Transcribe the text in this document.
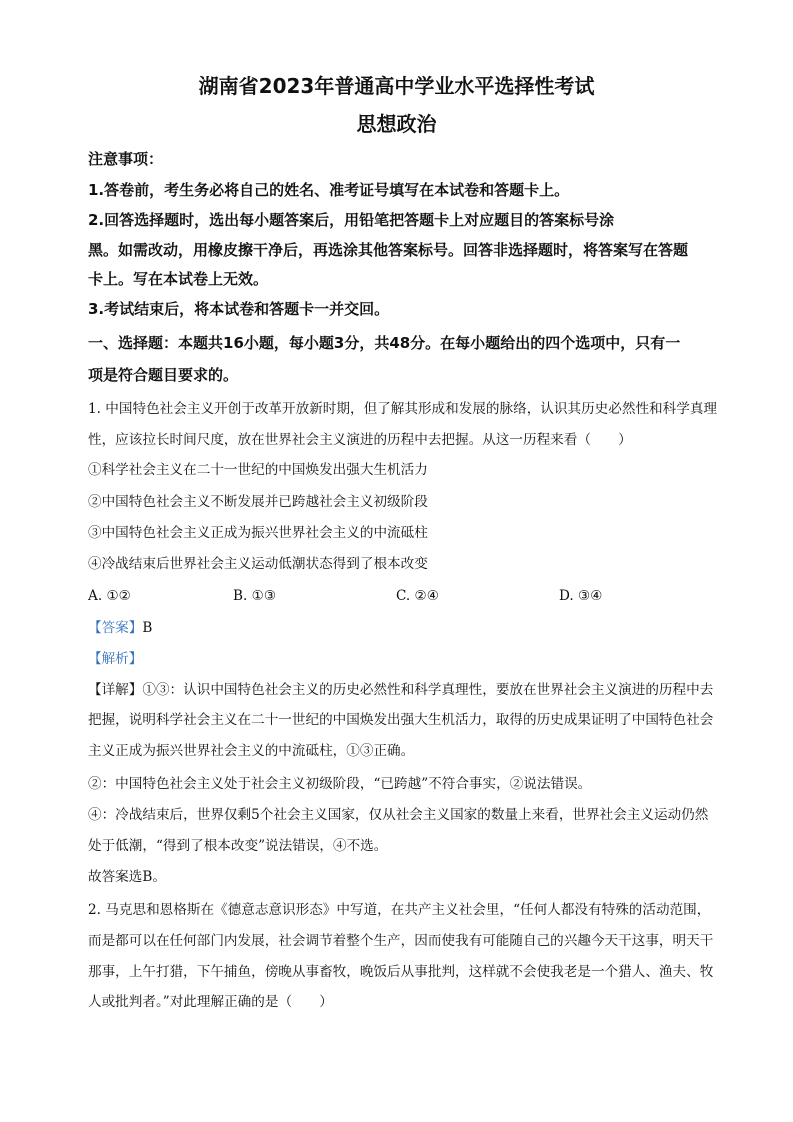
湖南省2023年普通高中学业水平选择性考试
思想政治
注意事项：
1.答卷前，考生务必将自己的姓名、准考证号填写在本试卷和答题卡上。
2.回答选择题时，选出每小题答案后，用铅笔把答题卡上对应题目的答案标号涂
黑。如需改动，用橡皮擦干净后，再选涂其他答案标号。回答非选择题时，将答案写在答题
卡上。写在本试卷上无效。
3.考试结束后，将本试卷和答题卡一并交回。
一、选择题：本题共16小题，每小题3分，共48分。在每小题给出的四个选项中，只有一
项是符合题目要求的。
1. 中国特色社会主义开创于改革开放新时期，但了解其形成和发展的脉络，认识其历史必然性和科学真理
性，应该拉长时间尺度，放在世界社会主义演进的历程中去把握。从这一历程来看（　　）
①科学社会主义在二十一世纪的中国焕发出强大生机活力
②中国特色社会主义不断发展并已跨越社会主义初级阶段
③中国特色社会主义正成为振兴世界社会主义的中流砥柱
④冷战结束后世界社会主义运动低潮状态得到了根本改变
A. ①②	B. ①③	C. ②④	D. ③④
【答案】B
【解析】
【详解】①③：认识中国特色社会主义的历史必然性和科学真理性，要放在世界社会主义演进的历程中去
把握，说明科学社会主义在二十一世纪的中国焕发出强大生机活力，取得的历史成果证明了中国特色社会
主义正成为振兴世界社会主义的中流砥柱，①③正确。
②：中国特色社会主义处于社会主义初级阶段，“已跨越”不符合事实，②说法错误。
④：冷战结束后，世界仅剩5个社会主义国家，仅从社会主义国家的数量上来看，世界社会主义运动仍然
处于低潮，“得到了根本改变”说法错误，④不选。
故答案选B。
2. 马克思和恩格斯在《德意志意识形态》中写道，在共产主义社会里，“任何人都没有特殊的活动范围，
而是都可以在任何部门内发展，社会调节着整个生产，因而使我有可能随自己的兴趣今天干这事，明天干
那事，上午打猎，下午捕鱼，傍晚从事畜牧，晚饭后从事批判，这样就不会使我老是一个猎人、渔夫、牧
人或批判者。”对此理解正确的是（　　）
